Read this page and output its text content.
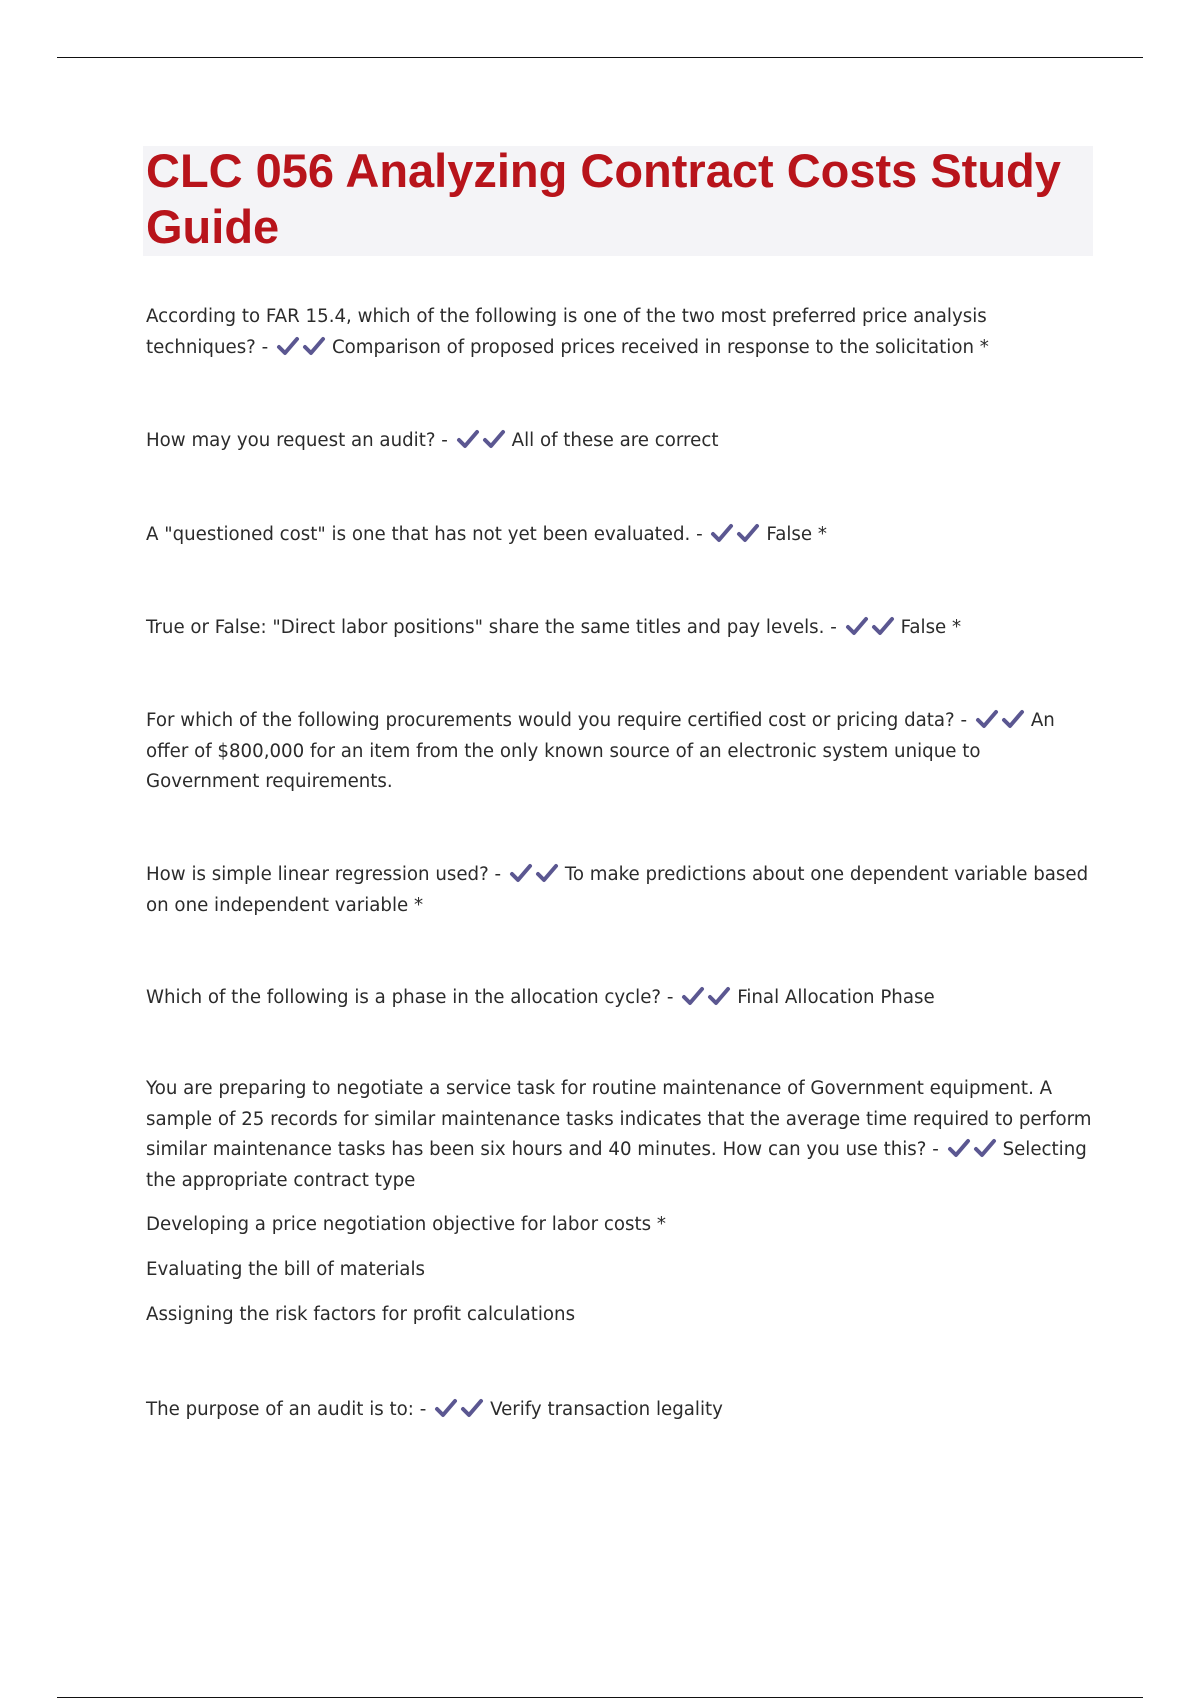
CLC 056 Analyzing Contract Costs Study Guide

According to FAR 15.4, which of the following is one of the two most preferred price analysis techniques? -	Comparison of proposed prices received in response to the solicitation *

How may you request an audit? -	All of these are correct

A "questioned cost" is one that has not yet been evaluated. -	False *

True or False: "Direct labor positions" share the same titles and pay levels. -	False *

For which of the following procurements would you require certified cost or pricing data? -	An offer of $800,000 for an item from the only known source of an electronic system unique to Government requirements.

How is simple linear regression used? -	To make predictions about one dependent variable based on one independent variable *

Which of the following is a phase in the allocation cycle? -	Final Allocation Phase

You are preparing to negotiate a service task for routine maintenance of Government equipment. A sample of 25 records for similar maintenance tasks indicates that the average time required to perform similar maintenance tasks has been six hours and 40 minutes. How can you use this? -	Selecting the appropriate contract type

Developing a price negotiation objective for labor costs *

Evaluating the bill of materials

Assigning the risk factors for profit calculations

The purpose of an audit is to: -	Verify transaction legality
